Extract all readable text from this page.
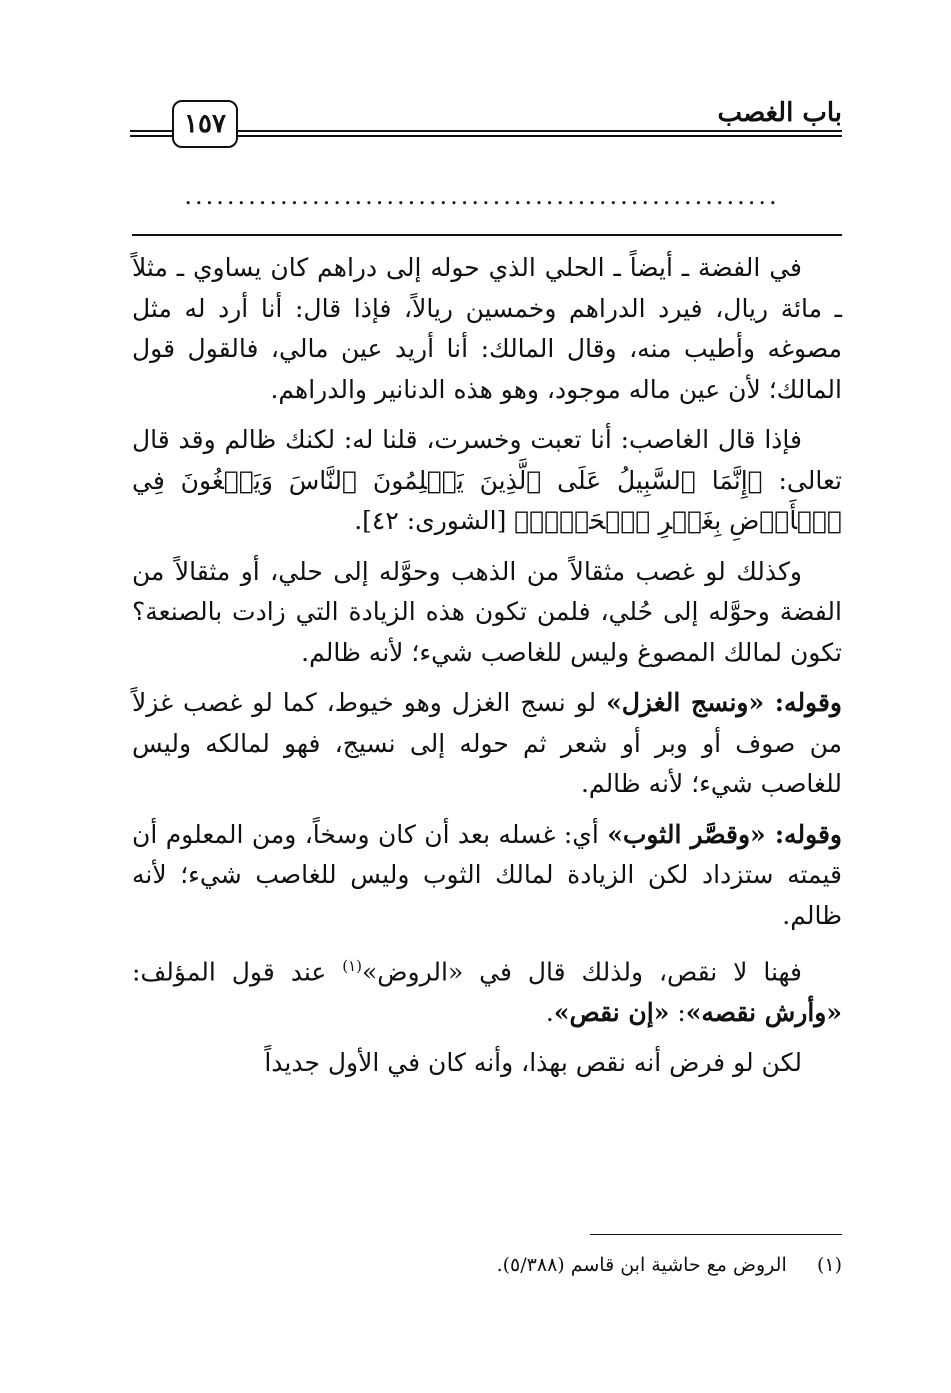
باب الغصب
١٥٧
........................................................

في الفضة ـ أيضاً ـ الحلي الذي حوله إلى دراهم كان يساوي ـ مثلاً ـ مائة ريال، فيرد الدراهم وخمسين ريالاً، فإذا قال: أنا أرد له مثل مصوغه وأطيب منه، وقال المالك: أنا أريد عين مالي، فالقول قول المالك؛ لأن عين ماله موجود، وهو هذه الدنانير والدراهم.

فإذا قال الغاصب: أنا تعبت وخسرت، قلنا له: لكنك ظالم وقد قال تعالى: ﴿إِنَّمَا ٱلسَّبِيلُ عَلَى ٱلَّذِينَ يَظۡلِمُونَ ٱلنَّاسَ وَيَبۡغُونَ فِي ٱلۡأَرۡضِ بِغَيۡرِ ٱلۡحَقِّۚ﴾ [الشورى: ٤٢].

وكذلك لو غصب مثقالاً من الذهب وحوَّله إلى حلي، أو مثقالاً من الفضة وحوَّله إلى حُلي، فلمن تكون هذه الزيادة التي زادت بالصنعة؟ تكون لمالك المصوغ وليس للغاصب شيء؛ لأنه ظالم.

وقوله: «ونسج الغزل» لو نسج الغزل وهو خيوط، كما لو غصب غزلاً من صوف أو وبر أو شعر ثم حوله إلى نسيج، فهو لمالكه وليس للغاصب شيء؛ لأنه ظالم.

وقوله: «وقصَّر الثوب» أي: غسله بعد أن كان وسخاً، ومن المعلوم أن قيمته ستزداد لكن الزيادة لمالك الثوب وليس للغاصب شيء؛ لأنه ظالم.

فهنا لا نقص، ولذلك قال في «الروض»$^{(١)}$ عند قول المؤلف: «وأرش نقصه»: «إن نقص».

لكن لو فرض أنه نقص بهذا، وأنه كان في الأول جديداً

(١)     الروض مع حاشية ابن قاسم (٥/٣٨٨).
